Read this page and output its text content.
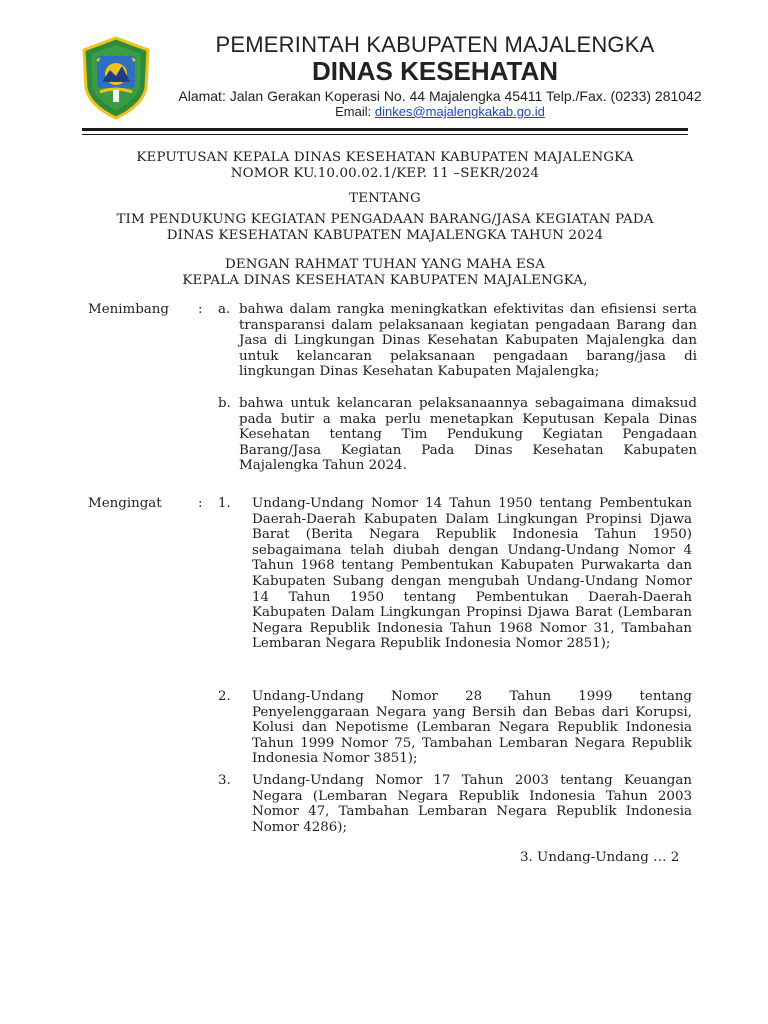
PEMERINTAH KABUPATEN MAJALENGKA
DINAS KESEHATAN
Alamat: Jalan Gerakan Koperasi No. 44 Majalengka 45411 Telp./Fax. (0233) 281042
Email: dinkes@majalengkakab.go.id
KEPUTUSAN KEPALA DINAS KESEHATAN KABUPATEN MAJALENGKA
NOMOR KU.10.00.02.1/KEP. 11 –SEKR/2024
TENTANG
TIM PENDUKUNG KEGIATAN PENGADAAN BARANG/JASA KEGIATAN PADA
DINAS KESEHATAN KABUPATEN MAJALENGKA TAHUN 2024
DENGAN RAHMAT TUHAN YANG MAHA ESA
KEPALA DINAS KESEHATAN KABUPATEN MAJALENGKA,
Menimbang : a. bahwa dalam rangka meningkatkan efektivitas dan efisiensi serta transparansi dalam pelaksanaan kegiatan pengadaan Barang dan Jasa di Lingkungan Dinas Kesehatan Kabupaten Majalengka dan untuk kelancaran pelaksanaan pengadaan barang/jasa di lingkungan Dinas Kesehatan Kabupaten Majalengka;

b. bahwa untuk kelancaran pelaksanaannya sebagaimana dimaksud pada butir a maka perlu menetapkan Keputusan Kepala Dinas Kesehatan tentang Tim Pendukung Kegiatan Pengadaan Barang/Jasa Kegiatan Pada Dinas Kesehatan Kabupaten Majalengka Tahun 2024.

Mengingat	: 1. Undang-Undang Nomor 14 Tahun 1950 tentang Pembentukan Daerah-Daerah Kabupaten Dalam Lingkungan Propinsi Djawa Barat (Berita Negara Republik Indonesia Tahun 1950) sebagaimana telah diubah dengan Undang-Undang Nomor 4 Tahun 1968 tentang Pembentukan Kabupaten Purwakarta dan Kabupaten Subang dengan mengubah Undang-Undang Nomor 14 Tahun 1950 tentang Pembentukan Daerah-Daerah Kabupaten Dalam Lingkungan Propinsi Djawa Barat (Lembaran Negara Republik Indonesia Tahun 1968 Nomor 31, Tambahan Lembaran Negara Republik Indonesia Nomor 2851);

2. Undang-Undang Nomor 28 Tahun 1999 tentang Penyelenggaraan Negara yang Bersih dan Bebas dari Korupsi, Kolusi dan Nepotisme (Lembaran Negara Republik Indonesia Tahun 1999 Nomor 75, Tambahan Lembaran Negara Republik Indonesia Nomor 3851);

3. Undang-Undang Nomor 17 Tahun 2003 tentang Keuangan Negara (Lembaran Negara Republik Indonesia Tahun 2003 Nomor 47, Tambahan Lembaran Negara Republik Indonesia Nomor 4286);

3. Undang-Undang … 2
